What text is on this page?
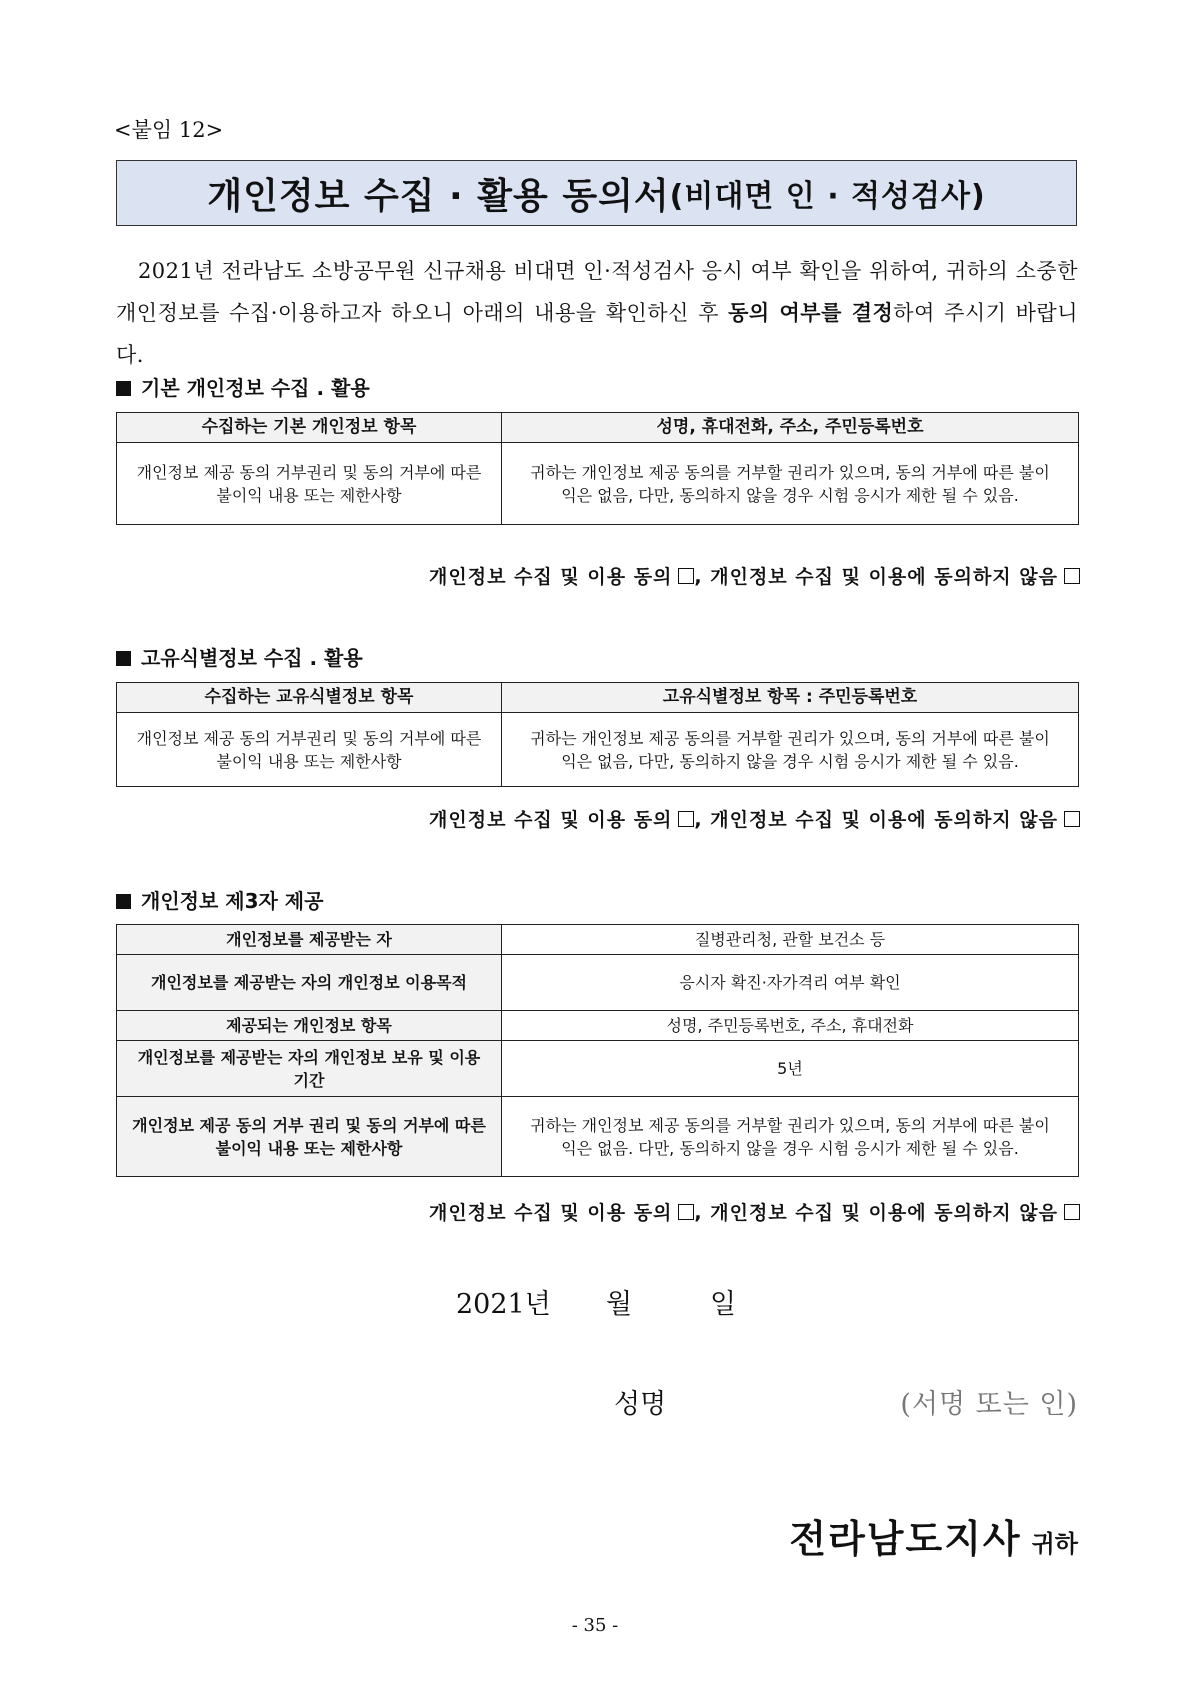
<붙임 12>
개인정보 수집 · 활용 동의서 (비대면 인 · 적성검사)
2021년 전라남도 소방공무원 신규채용 비대면 인·적성검사 응시 여부 확인을 위하여, 귀하의 소중한 개인정보를 수집·이용하고자 하오니 아래의 내용을 확인하신 후 동의 여부를 결정하여 주시기 바랍니다.
기본 개인정보 수집 . 활용
수집하는 기본 개인정보 항목	성명, 휴대전화, 주소, 주민등록번호
개인정보 제공 동의 거부권리 및 동의 거부에 따른 불이익 내용 또는 제한사항	귀하는 개인정보 제공 동의를 거부할 권리가 있으며, 동의 거부에 따른 불이익은 없음, 다만, 동의하지 않을 경우 시험 응시가 제한 될 수 있음.
개인정보 수집 및 이용 동의 , 개인정보 수집 및 이용에 동의하지 않음
고유식별정보 수집 . 활용
수집하는 교유식별정보 항목	고유식별정보 항목 : 주민등록번호
개인정보 제공 동의 거부권리 및 동의 거부에 따른 불이익 내용 또는 제한사항	귀하는 개인정보 제공 동의를 거부할 권리가 있으며, 동의 거부에 따른 불이익은 없음, 다만, 동의하지 않을 경우 시험 응시가 제한 될 수 있음.
개인정보 수집 및 이용 동의 , 개인정보 수집 및 이용에 동의하지 않음
개인정보 제3자 제공
개인정보를 제공받는 자	질병관리청, 관할 보건소 등
개인정보를 제공받는 자의 개인정보 이용목적	응시자 확진·자가격리 여부 확인
제공되는 개인정보 항목	성명, 주민등록번호, 주소, 휴대전화
개인정보를 제공받는 자의 개인정보 보유 및 이용기간	5년
개인정보 제공 동의 거부 권리 및 동의 거부에 따른 불이익 내용 또는 제한사항	귀하는 개인정보 제공 동의를 거부할 권리가 있으며, 동의 거부에 따른 불이익은 없음. 다만, 동의하지 않을 경우 시험 응시가 제한 될 수 있음.
개인정보 수집 및 이용 동의 , 개인정보 수집 및 이용에 동의하지 않음
2021년 월	일
성명	(서명 또는 인)
전라남도지사 귀하
- 35 -
